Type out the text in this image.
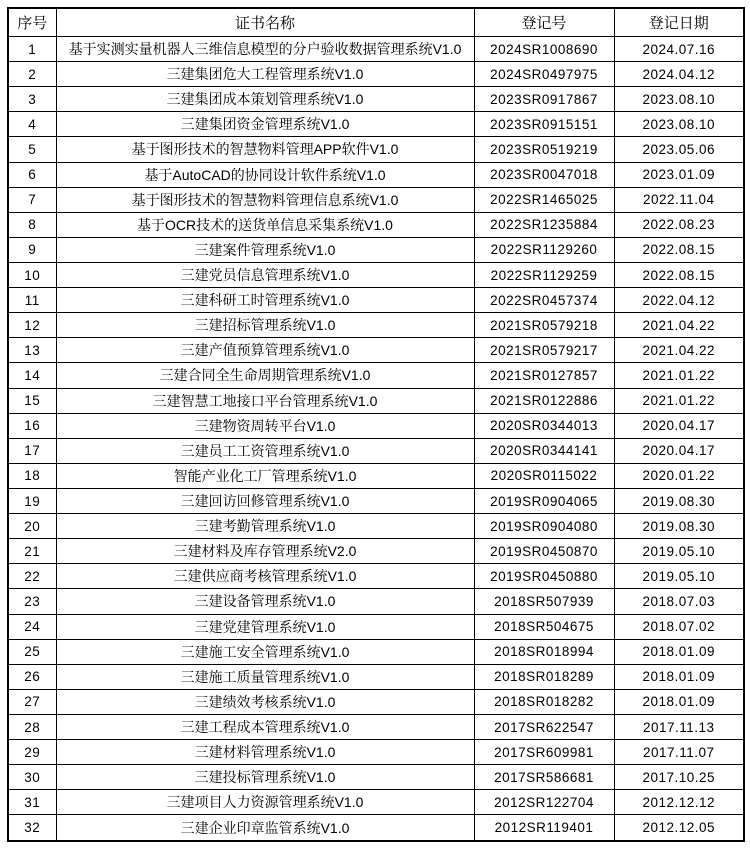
序号	证书名称	登记号	登记日期
1	基于实测实量机器人三维信息模型的分户验收数据管理系统V1.0	2024SR1008690	2024.07.16
2	三建集团危大工程管理系统V1.0	2024SR0497975	2024.04.12
3	三建集团成本策划管理系统V1.0	2023SR0917867	2023.08.10
4	三建集团资金管理系统V1.0	2023SR0915151	2023.08.10
5	基于图形技术的智慧物料管理APP软件V1.0	2023SR0519219	2023.05.06
6	基于AutoCAD的协同设计软件系统V1.0	2023SR0047018	2023.01.09
7	基于图形技术的智慧物料管理信息系统V1.0	2022SR1465025	2022.11.04
8	基于OCR技术的送货单信息采集系统V1.0	2022SR1235884	2022.08.23
9	三建案件管理系统V1.0	2022SR1129260	2022.08.15
10	三建党员信息管理系统V1.0	2022SR1129259	2022.08.15
11	三建科研工时管理系统V1.0	2022SR0457374	2022.04.12
12	三建招标管理系统V1.0	2021SR0579218	2021.04.22
13	三建产值预算管理系统V1.0	2021SR0579217	2021.04.22
14	三建合同全生命周期管理系统V1.0	2021SR0127857	2021.01.22
15	三建智慧工地接口平台管理系统V1.0	2021SR0122886	2021.01.22
16	三建物资周转平台V1.0	2020SR0344013	2020.04.17
17	三建员工工资管理系统V1.0	2020SR0344141	2020.04.17
18	智能产业化工厂管理系统V1.0	2020SR0115022	2020.01.22
19	三建回访回修管理系统V1.0	2019SR0904065	2019.08.30
20	三建考勤管理系统V1.0	2019SR0904080	2019.08.30
21	三建材料及库存管理系统V2.0	2019SR0450870	2019.05.10
22	三建供应商考核管理系统V1.0	2019SR0450880	2019.05.10
23	三建设备管理系统V1.0	2018SR507939	2018.07.03
24	三建党建管理系统V1.0	2018SR504675	2018.07.02
25	三建施工安全管理系统V1.0	2018SR018994	2018.01.09
26	三建施工质量管理系统V1.0	2018SR018289	2018.01.09
27	三建绩效考核系统V1.0	2018SR018282	2018.01.09
28	三建工程成本管理系统V1.0	2017SR622547	2017.11.13
29	三建材料管理系统V1.0	2017SR609981	2017.11.07
30	三建投标管理系统V1.0	2017SR586681	2017.10.25
31	三建项目人力资源管理系统V1.0	2012SR122704	2012.12.12
32	三建企业印章监管系统V1.0	2012SR119401	2012.12.05
